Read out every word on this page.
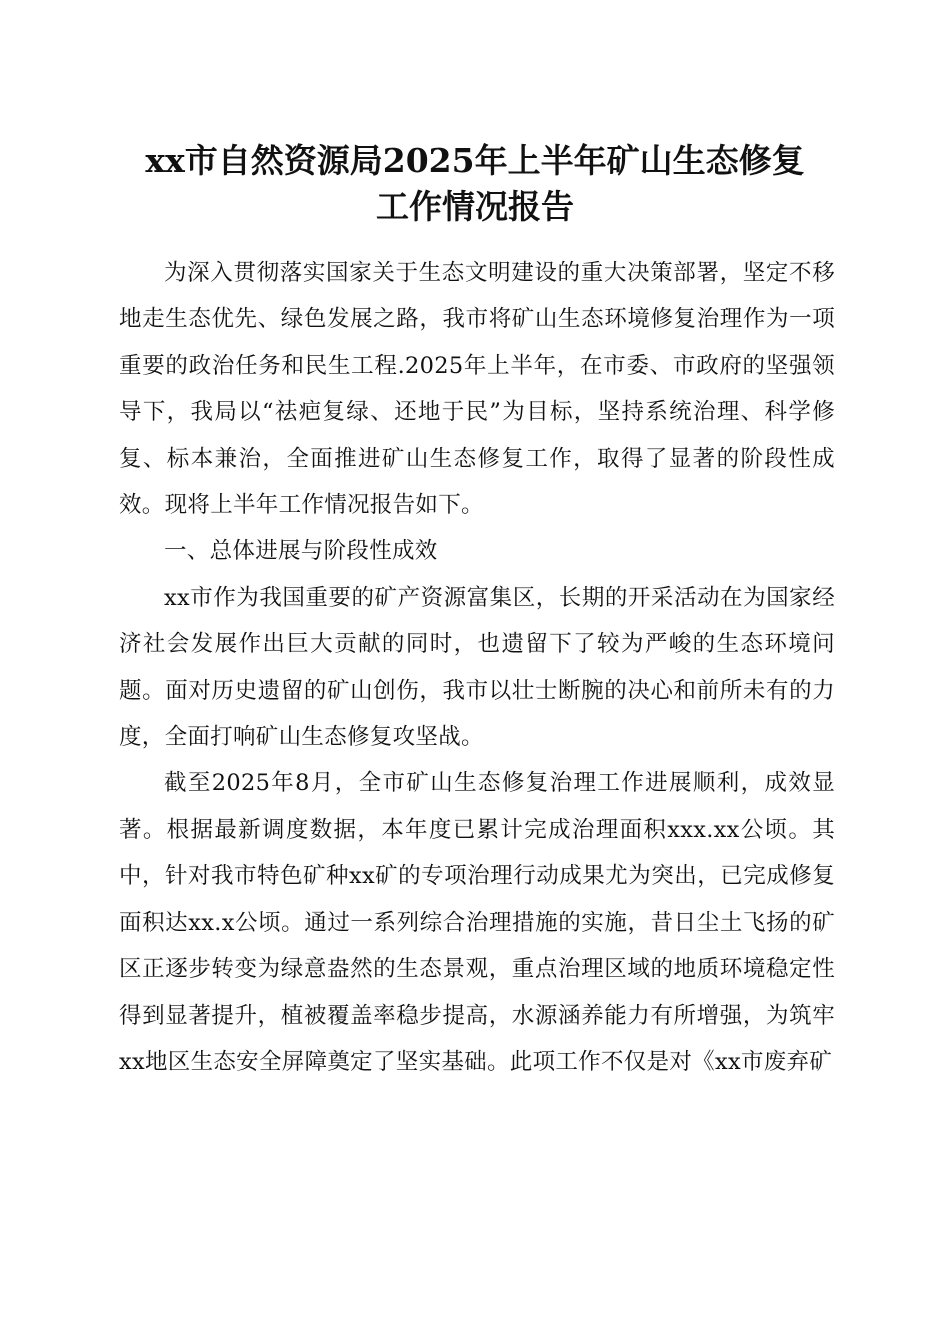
xx市自然资源局2025年上半年矿山生态修复
工作情况报告

为深入贯彻落实国家关于生态文明建设的重大决策部署，坚定不移地走生态优先、绿色发展之路，我市将矿山生态环境修复治理作为一项重要的政治任务和民生工程.2025年上半年，在市委、市政府的坚强领导下，我局以“祛疤复绿、还地于民”为目标，坚持系统治理、科学修复、标本兼治，全面推进矿山生态修复工作，取得了显著的阶段性成效。现将上半年工作情况报告如下。

一、总体进展与阶段性成效

xx市作为我国重要的矿产资源富集区，长期的开采活动在为国家经济社会发展作出巨大贡献的同时，也遗留下了较为严峻的生态环境问题。面对历史遗留的矿山创伤，我市以壮士断腕的决心和前所未有的力度，全面打响矿山生态修复攻坚战。

截至2025年8月，全市矿山生态修复治理工作进展顺利，成效显著。根据最新调度数据，本年度已累计完成治理面积xxx.xx公顷。其中，针对我市特色矿种xx矿的专项治理行动成果尤为突出，已完成修复面积达xx.x公顷。通过一系列综合治理措施的实施，昔日尘土飞扬的矿区正逐步转变为绿意盎然的生态景观，重点治理区域的地质环境稳定性得到显著提升，植被覆盖率稳步提高，水源涵养能力有所增强，为筑牢xx地区生态安全屏障奠定了坚实基础。此项工作不仅是对《xx市废弃矿
